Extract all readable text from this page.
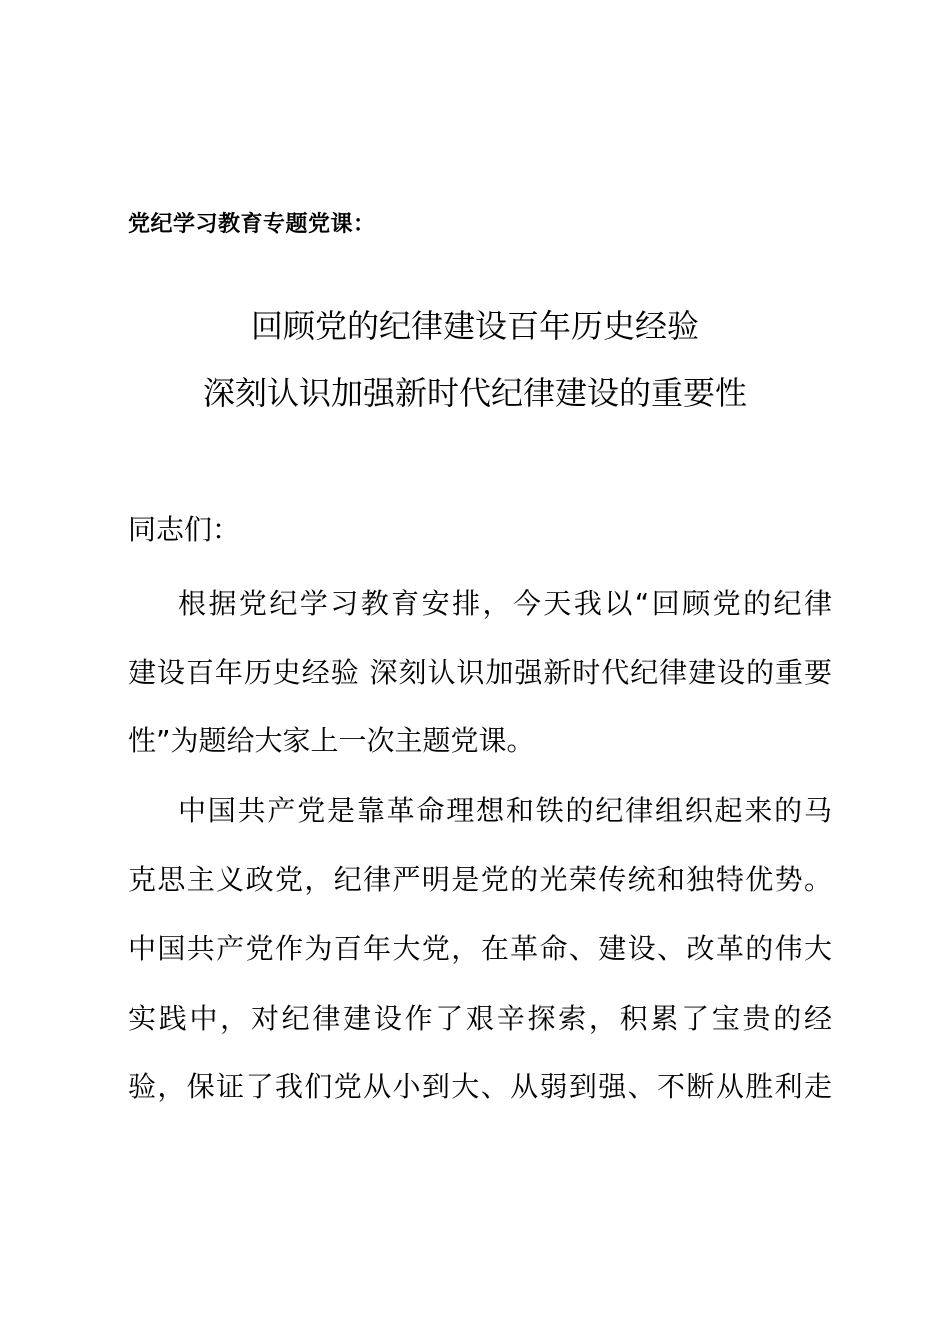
党纪学习教育专题党课：
回顾党的纪律建设百年历史经验
深刻认识加强新时代纪律建设的重要性
同志们：
根据党纪学习教育安排，今天我以“回顾党的纪律
建设百年历史经验 深刻认识加强新时代纪律建设的重要
性”为题给大家上一次主题党课。
中国共产党是靠革命理想和铁的纪律组织起来的马
克思主义政党，纪律严明是党的光荣传统和独特优势。
中国共产党作为百年大党，在革命、建设、改革的伟大
实践中，对纪律建设作了艰辛探索，积累了宝贵的经
验，保证了我们党从小到大、从弱到强、不断从胜利走
